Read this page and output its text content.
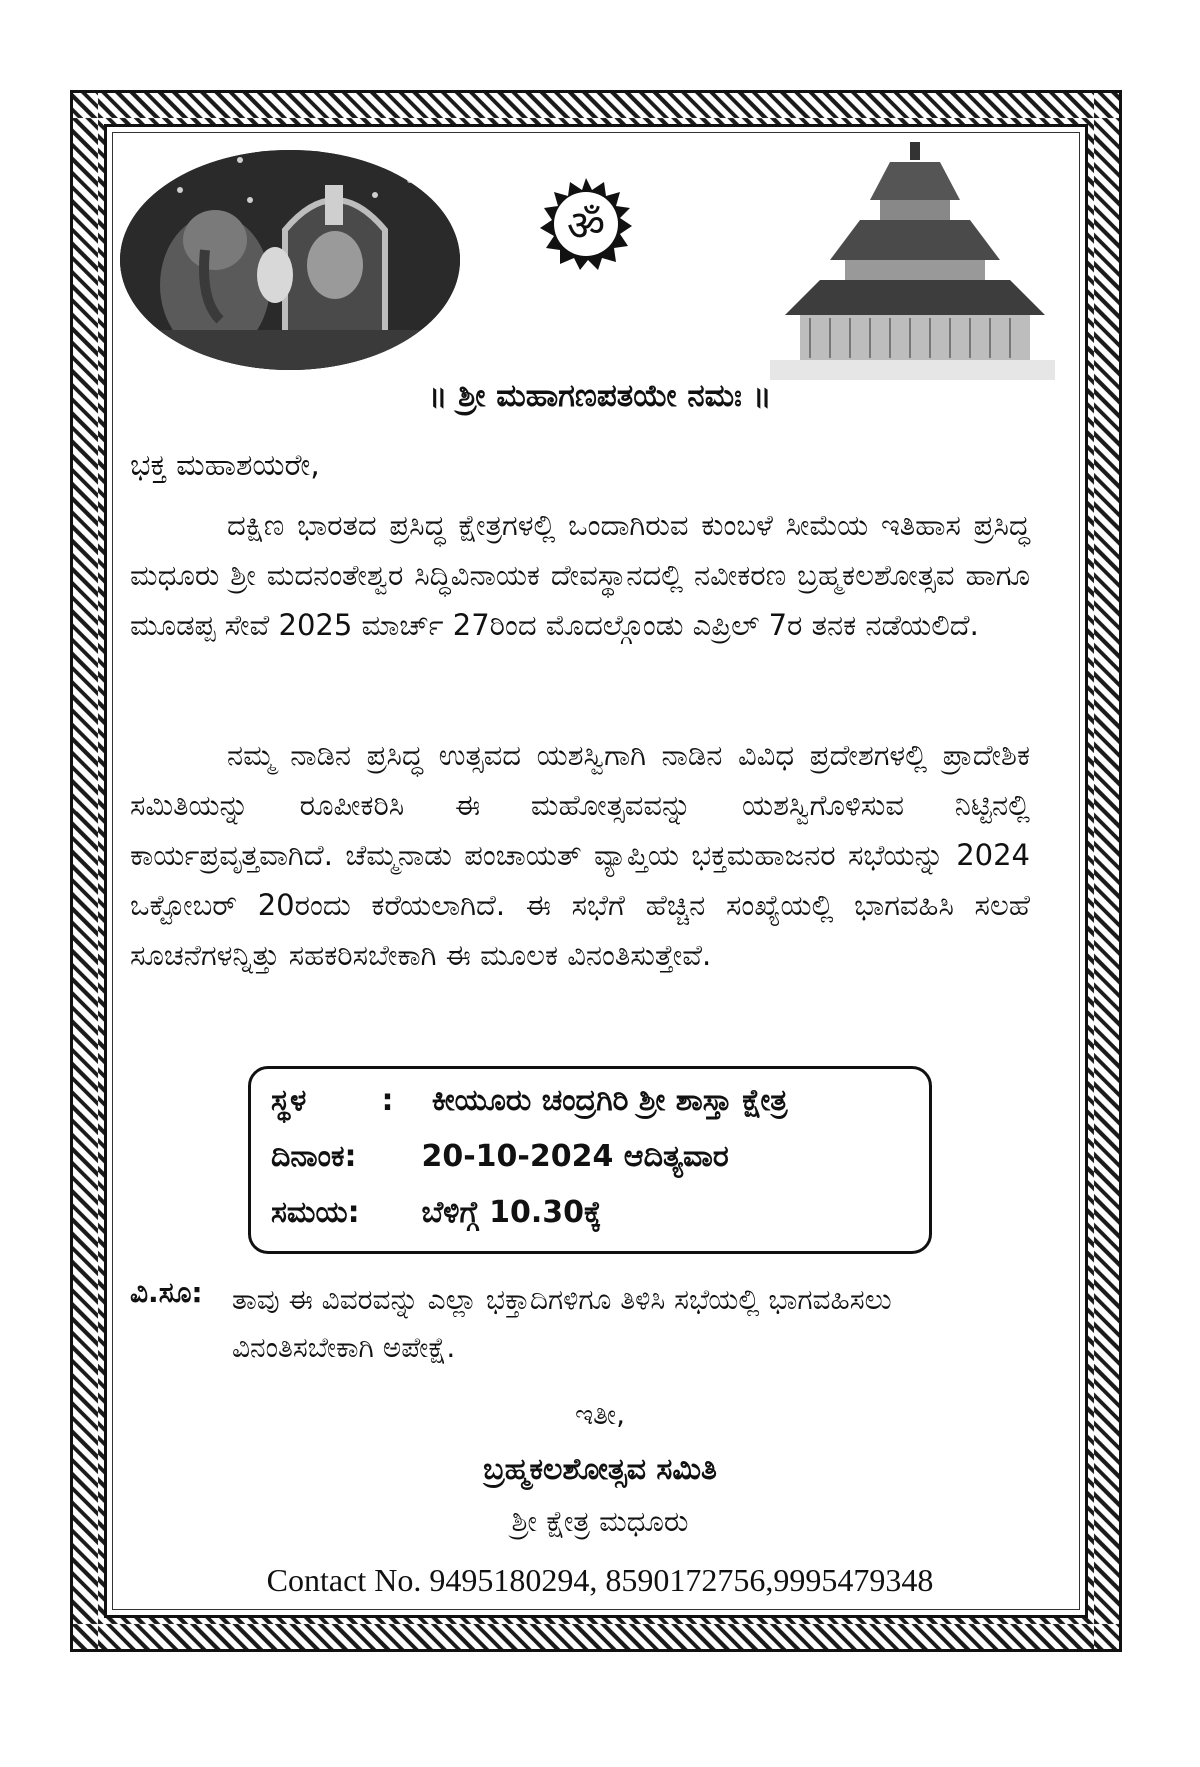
ॐ
॥ ಶ್ರೀ ಮಹಾಗಣಪತಯೇ ನಮಃ ॥
ಭಕ್ತ ಮಹಾಶಯರೇ,
ದಕ್ಷಿಣ ಭಾರತದ ಪ್ರಸಿದ್ಧ ಕ್ಷೇತ್ರಗಳಲ್ಲಿ ಒಂದಾಗಿರುವ ಕುಂಬಳೆ ಸೀಮೆಯ ಇತಿಹಾಸ ಪ್ರಸಿದ್ಧ ಮಧೂರು ಶ್ರೀ ಮದನಂತೇಶ್ವರ ಸಿದ್ಧಿವಿನಾಯಕ ದೇವಸ್ಥಾನದಲ್ಲಿ ನವೀಕರಣ ಬ್ರಹ್ಮಕಲಶೋತ್ಸವ ಹಾಗೂ ಮೂಡಪ್ಪ ಸೇವೆ 2025 ಮಾರ್ಚ್ 27ರಿಂದ ಮೊದಲ್ಗೊಂಡು ಎಪ್ರಿಲ್ 7ರ ತನಕ ನಡೆಯಲಿದೆ.
ನಮ್ಮ ನಾಡಿನ ಪ್ರಸಿದ್ಧ ಉತ್ಸವದ ಯಶಸ್ವಿಗಾಗಿ ನಾಡಿನ ವಿವಿಧ ಪ್ರದೇಶಗಳಲ್ಲಿ ಪ್ರಾದೇಶಿಕ ಸಮಿತಿಯನ್ನು ರೂಪೀಕರಿಸಿ ಈ ಮಹೋತ್ಸವವನ್ನು ಯಶಸ್ವಿಗೊಳಿಸುವ ನಿಟ್ಟಿನಲ್ಲಿ ಕಾರ್ಯಪ್ರವೃತ್ತವಾಗಿದೆ. ಚೆಮ್ಮನಾಡು ಪಂಚಾಯತ್ ವ್ಯಾಪ್ತಿಯ ಭಕ್ತಮಹಾಜನರ ಸಭೆಯನ್ನು 2024 ಒಕ್ಟೋಬರ್ 20ರಂದು ಕರೆಯಲಾಗಿದೆ. ಈ ಸಭೆಗೆ ಹೆಚ್ಚಿನ ಸಂಖ್ಯೆಯಲ್ಲಿ ಭಾಗವಹಿಸಿ ಸಲಹೆ ಸೂಚನೆಗಳನ್ನಿತ್ತು ಸಹಕರಿಸಬೇಕಾಗಿ ಈ ಮೂಲಕ ವಿನಂತಿಸುತ್ತೇವೆ.
ಸ್ಥಳ	: ಕೀಯೂರು ಚಂದ್ರಗಿರಿ ಶ್ರೀ ಶಾಸ್ತಾ ಕ್ಷೇತ್ರ
ದಿನಾಂಕ: 20-10-2024 ಆದಿತ್ಯವಾರ
ಸಮಯ: ಬೆಳಿಗ್ಗೆ 10.30ಕ್ಕೆ
ವಿ.ಸೂ: ತಾವು ಈ ವಿವರವನ್ನು ಎಲ್ಲಾ ಭಕ್ತಾದಿಗಳಿಗೂ ತಿಳಿಸಿ ಸಭೆಯಲ್ಲಿ ಭಾಗವಹಿಸಲು ವಿನಂತಿಸಬೇಕಾಗಿ ಅಪೇಕ್ಷೆ.
ಇತೀ,
ಬ್ರಹ್ಮಕಲಶೋತ್ಸವ ಸಮಿತಿ
ಶ್ರೀ ಕ್ಷೇತ್ರ ಮಧೂರು
Contact No. 9495180294, 8590172756,9995479348
